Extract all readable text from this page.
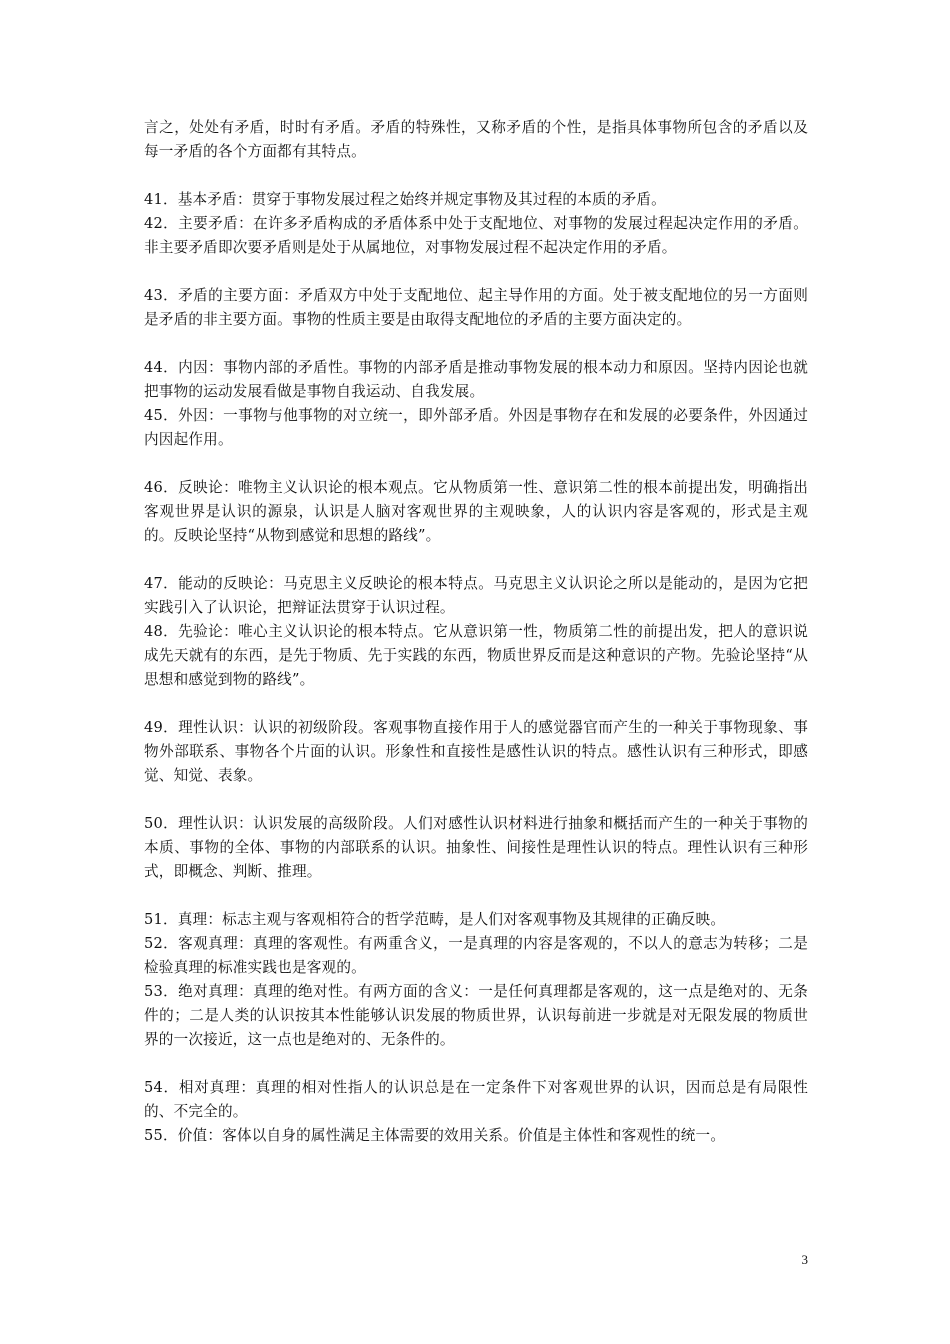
言之，处处有矛盾，时时有矛盾。矛盾的特殊性，又称矛盾的个性，是指具体事物所包含的矛盾以及每一矛盾的各个方面都有其特点。

41．基本矛盾：贯穿于事物发展过程之始终并规定事物及其过程的本质的矛盾。

42．主要矛盾：在许多矛盾构成的矛盾体系中处于支配地位、对事物的发展过程起决定作用的矛盾。非主要矛盾即次要矛盾则是处于从属地位，对事物发展过程不起决定作用的矛盾。

43．矛盾的主要方面：矛盾双方中处于支配地位、起主导作用的方面。处于被支配地位的另一方面则是矛盾的非主要方面。事物的性质主要是由取得支配地位的矛盾的主要方面决定的。

44．内因：事物内部的矛盾性。事物的内部矛盾是推动事物发展的根本动力和原因。坚持内因论也就把事物的运动发展看做是事物自我运动、自我发展。

45．外因：一事物与他事物的对立统一，即外部矛盾。外因是事物存在和发展的必要条件，外因通过内因起作用。

46．反映论：唯物主义认识论的根本观点。它从物质第一性、意识第二性的根本前提出发，明确指出客观世界是认识的源泉，认识是人脑对客观世界的主观映象，人的认识内容是客观的，形式是主观的。反映论坚持“从物到感觉和思想的路线”。

47．能动的反映论：马克思主义反映论的根本特点。马克思主义认识论之所以是能动的，是因为它把实践引入了认识论，把辩证法贯穿于认识过程。

48．先验论：唯心主义认识论的根本特点。它从意识第一性，物质第二性的前提出发，把人的意识说成先天就有的东西，是先于物质、先于实践的东西，物质世界反而是这种意识的产物。先验论坚持“从思想和感觉到物的路线”。

49．理性认识：认识的初级阶段。客观事物直接作用于人的感觉器官而产生的一种关于事物现象、事物外部联系、事物各个片面的认识。形象性和直接性是感性认识的特点。感性认识有三种形式，即感觉、知觉、表象。

50．理性认识：认识发展的高级阶段。人们对感性认识材料进行抽象和概括而产生的一种关于事物的本质、事物的全体、事物的内部联系的认识。抽象性、间接性是理性认识的特点。理性认识有三种形式，即概念、判断、推理。

51．真理：标志主观与客观相符合的哲学范畴，是人们对客观事物及其规律的正确反映。

52．客观真理：真理的客观性。有两重含义，一是真理的内容是客观的，不以人的意志为转移；二是检验真理的标准实践也是客观的。

53．绝对真理：真理的绝对性。有两方面的含义：一是任何真理都是客观的，这一点是绝对的、无条件的；二是人类的认识按其本性能够认识发展的物质世界，认识每前进一步就是对无限发展的物质世界的一次接近，这一点也是绝对的、无条件的。

54．相对真理：真理的相对性指人的认识总是在一定条件下对客观世界的认识，因而总是有局限性的、不完全的。

55．价值：客体以自身的属性满足主体需要的效用关系。价值是主体性和客观性的统一。

3
